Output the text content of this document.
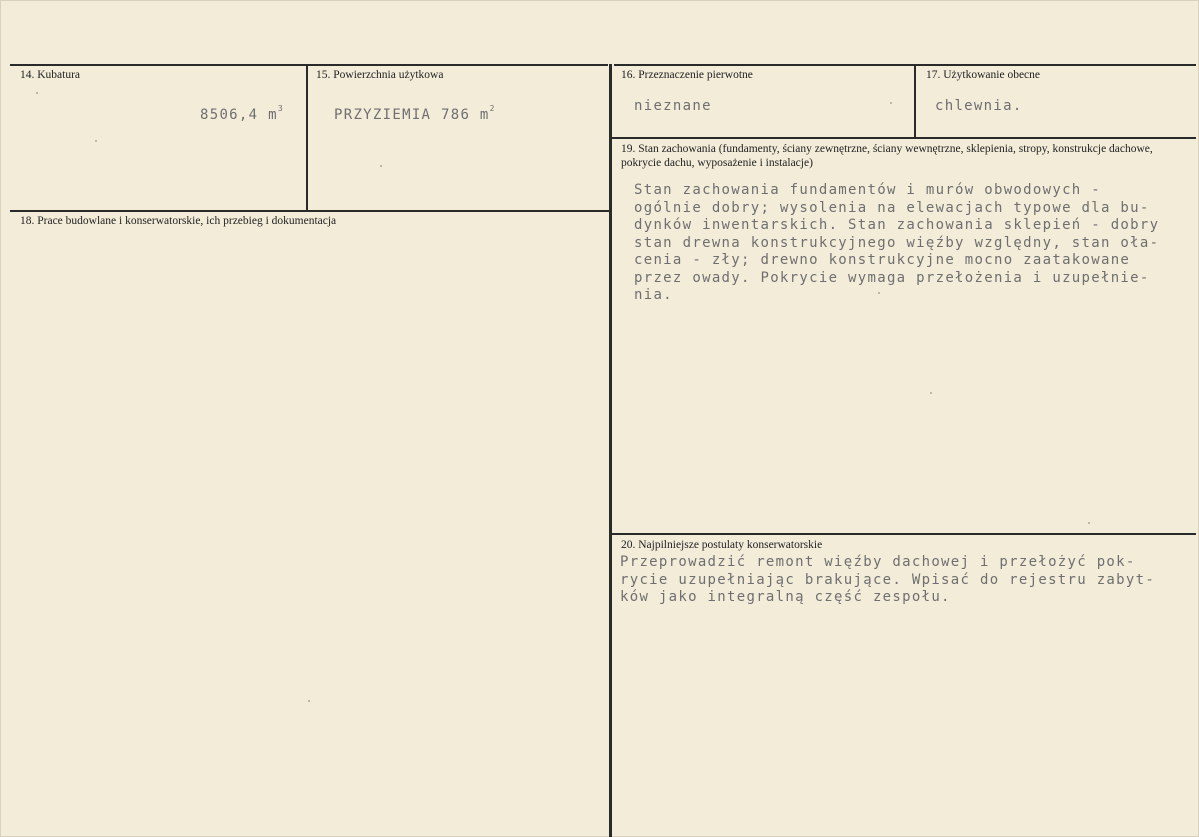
14. Kubatura
8506,4 $m^3$
15. Powierzchnia użytkowa
PRZYZIEMIA 786 $m^2$
16. Przeznaczenie pierwotne
nieznane
17. Użytkowanie obecne
chlewnia.
18. Prace budowlane i konserwatorskie, ich przebieg i dokumentacja
19. Stan zachowania (fundamenty, ściany zewnętrzne, ściany wewnętrzne, sklepienia, stropy, konstrukcje dachowe, pokrycie dachu, wyposażenie i instalacje)
Stan zachowania fundamentów i murów obwodowych -
ogólnie dobry; wysolenia na elewacjach typowe dla bu-
dynków inwentarskich. Stan zachowania sklepień - dobry
stan drewna konstrukcyjnego więźby względny, stan oła-
cenia - zły; drewno konstrukcyjne mocno zaatakowane
przez owady. Pokrycie wymaga przełożenia i uzupełnie-
nia.
20. Najpilniejsze postulaty konserwatorskie
Przeprowadzić remont więźby dachowej i przełożyć pok-
rycie uzupełniając brakujące. Wpisać do rejestru zabyt-
ków jako integralną część zespołu.
